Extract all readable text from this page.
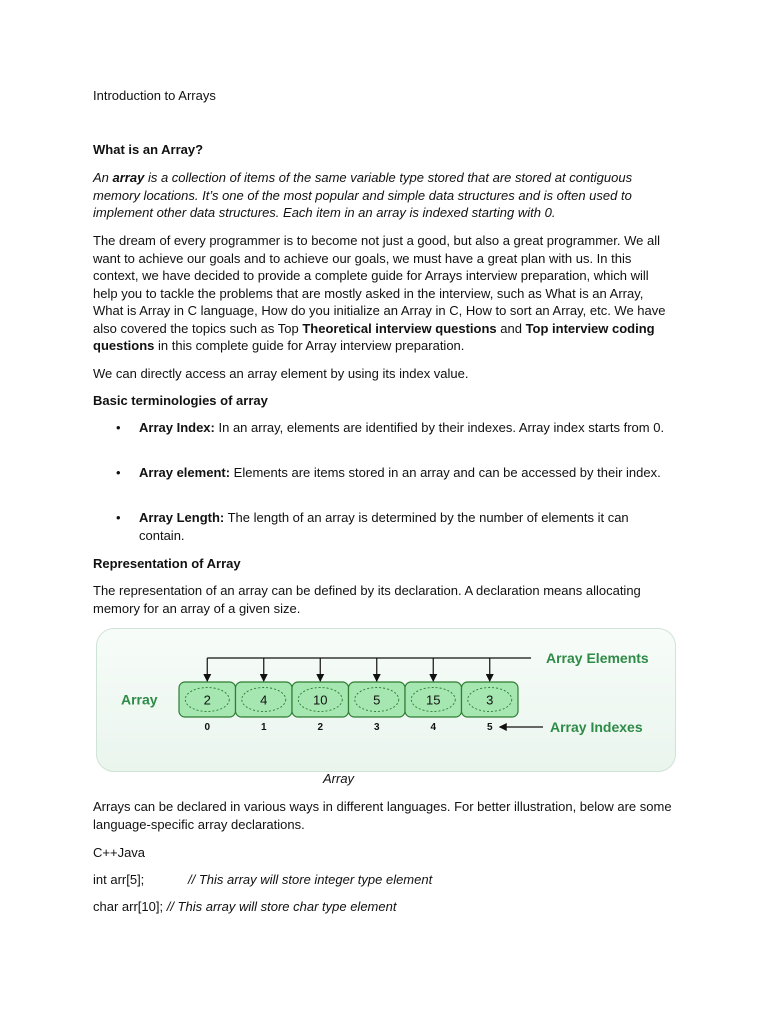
Introduction to Arrays

What is an Array?

An array is a collection of items of the same variable type stored that are stored at contiguous memory locations. It’s one of the most popular and simple data structures and is often used to implement other data structures. Each item in an array is indexed starting with 0.

The dream of every programmer is to become not just a good, but also a great programmer. We all want to achieve our goals and to achieve our goals, we must have a great plan with us. In this context, we have decided to provide a complete guide for Arrays interview preparation, which will help you to tackle the problems that are mostly asked in the interview, such as What is an Array, What is Array in C language, How do you initialize an Array in C, How to sort an Array, etc. We have also covered the topics such as Top Theoretical interview questions and Top interview coding questions in this complete guide for Array interview preparation.

We can directly access an array element by using its index value.

Basic terminologies of array

• Array Index: In an array, elements are identified by their indexes. Array index starts from 0.

• Array element: Elements are items stored in an array and can be accessed by their index.

• Array Length: The length of an array is determined by the number of elements it can contain.

Representation of Array

The representation of an array can be defined by its declaration. A declaration means allocating memory for an array of a given size.

2
0
4
1
10
2
5
3
15
4
3
5
Array
Array Elements
Array Indexes
Array

Arrays can be declared in various ways in different languages. For better illustration, below are some language-specific array declarations.

C++Java

int arr[5];	// This array will store integer type element

char arr[10]; // This array will store char type element
